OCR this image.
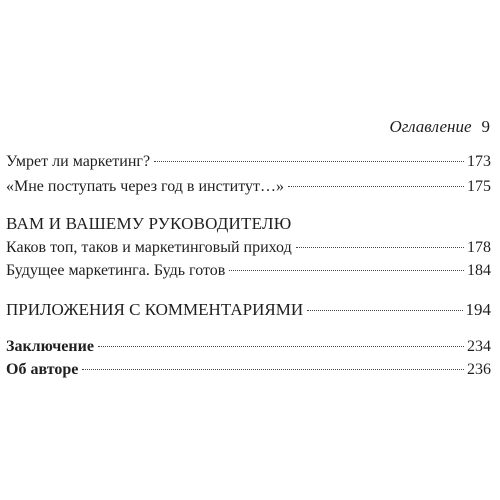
Оглавление 9
Умрет ли маркетинг?	173
«Мне поступать через год в институт…»	175
ВАМ И ВАШЕМУ РУКОВОДИТЕЛЮ
Каков топ, таков и маркетинговый приход	178
Будущее маркетинга. Будь готов	184
ПРИЛОЖЕНИЯ С КОММЕНТАРИЯМИ	194
Заключение	234
Об авторе	236
